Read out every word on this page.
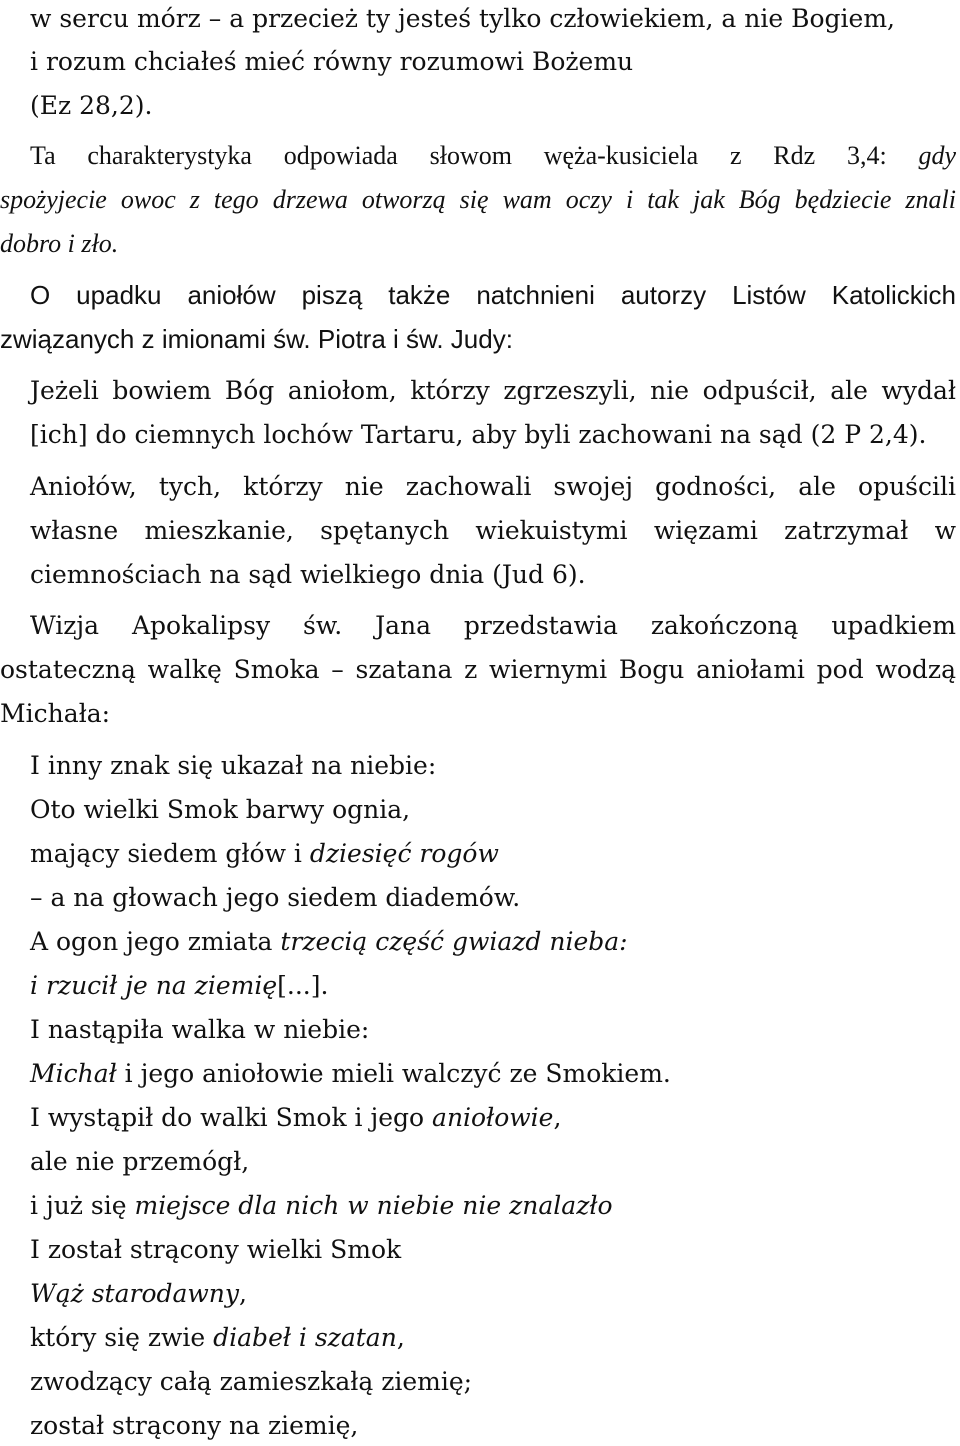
w sercu mórz – a przecież ty jesteś tylko człowiekiem, a nie Bogiem,
i rozum chciałeś mieć równy rozumowi Bożemu
(Ez 28,2).
Ta charakterystyka odpowiada słowom węża-kusiciela z Rdz 3,4: gdy
spożyjecie owoc z tego drzewa otworzą się wam oczy i tak jak Bóg będziecie znali
dobro i zło.
O upadku aniołów piszą także natchnieni autorzy Listów Katolickich
związanych z imionami św. Piotra i św. Judy:
Jeżeli bowiem Bóg aniołom, którzy zgrzeszyli, nie odpuścił, ale wydał
[ich] do ciemnych lochów Tartaru, aby byli zachowani na sąd (2 P 2,4).
Aniołów, tych, którzy nie zachowali swojej godności, ale opuścili
własne mieszkanie, spętanych wiekuistymi więzami zatrzymał w
ciemnościach na sąd wielkiego dnia (Jud 6).
Wizja Apokalipsy św. Jana przedstawia zakończoną upadkiem
ostateczną walkę Smoka – szatana z wiernymi Bogu aniołami pod wodzą
Michała:
I inny znak się ukazał na niebie:
Oto wielki Smok barwy ognia,
mający siedem głów i dziesięć rogów
– a na głowach jego siedem diademów.
A ogon jego zmiata trzecią część gwiazd nieba:
i rzucił je na ziemię[...].
I nastąpiła walka w niebie:
Michał i jego aniołowie mieli walczyć ze Smokiem.
I wystąpił do walki Smok i jego aniołowie,
ale nie przemógł,
i już się miejsce dla nich w niebie nie znalazło
I został strącony wielki Smok
Wąż starodawny,
który się zwie diabeł i szatan,
zwodzący całą zamieszkałą ziemię;
został strącony na ziemię,
